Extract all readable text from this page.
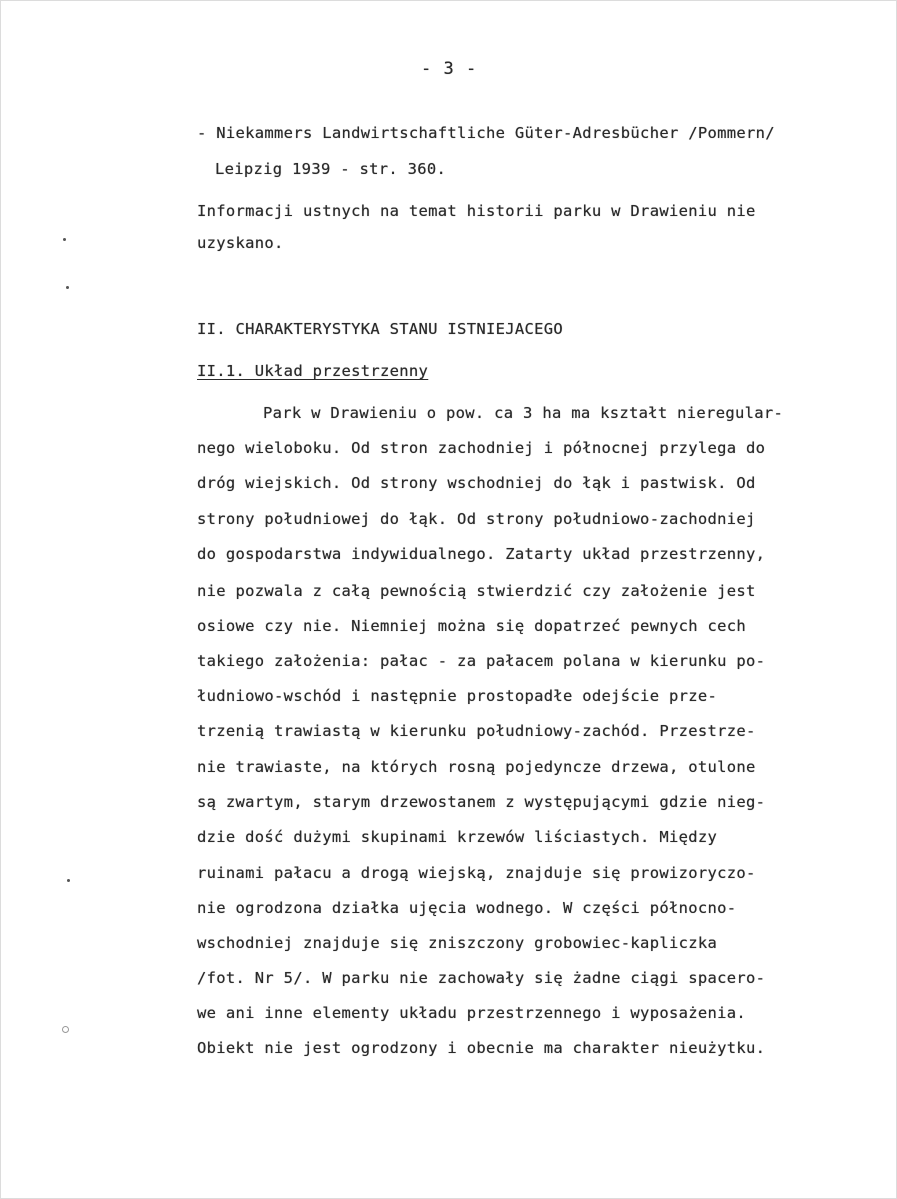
- 3 -
- Niekammers Landwirtschaftliche Güter-Adresbücher /Pommern/
Leipzig 1939 - str. 360.
Informacji ustnych na temat historii parku w Drawieniu nie
uzyskano.
II. CHARAKTERYSTYKA STANU ISTNIEJACEGO
II.1. Układ przestrzenny
Park w Drawieniu o pow. ca 3 ha ma kształt nieregular-
nego wieloboku. Od stron zachodniej i północnej przylega do
dróg wiejskich. Od strony wschodniej do łąk i pastwisk. Od
strony południowej do łąk. Od strony południowo-zachodniej
do gospodarstwa indywidualnego. Zatarty układ przestrzenny,
nie pozwala z całą pewnością stwierdzić czy założenie jest
osiowe czy nie. Niemniej można się dopatrzeć pewnych cech
takiego założenia: pałac - za pałacem polana w kierunku po-
łudniowo-wschód i następnie prostopadłe odejście prze-
trzenią trawiastą w kierunku południowy-zachód. Przestrze-
nie trawiaste, na których rosną pojedyncze drzewa, otulone
są zwartym, starym drzewostanem z występującymi gdzie nieg-
dzie dość dużymi skupinami krzewów liściastych. Między
ruinami pałacu a drogą wiejską, znajduje się prowizoryczo-
nie ogrodzona działka ujęcia wodnego. W części północno-
wschodniej znajduje się zniszczony grobowiec-kapliczka
/fot. Nr 5/. W parku nie zachowały się żadne ciągi spacero-
we ani inne elementy układu przestrzennego i wyposażenia.
Obiekt nie jest ogrodzony i obecnie ma charakter nieużytku.
